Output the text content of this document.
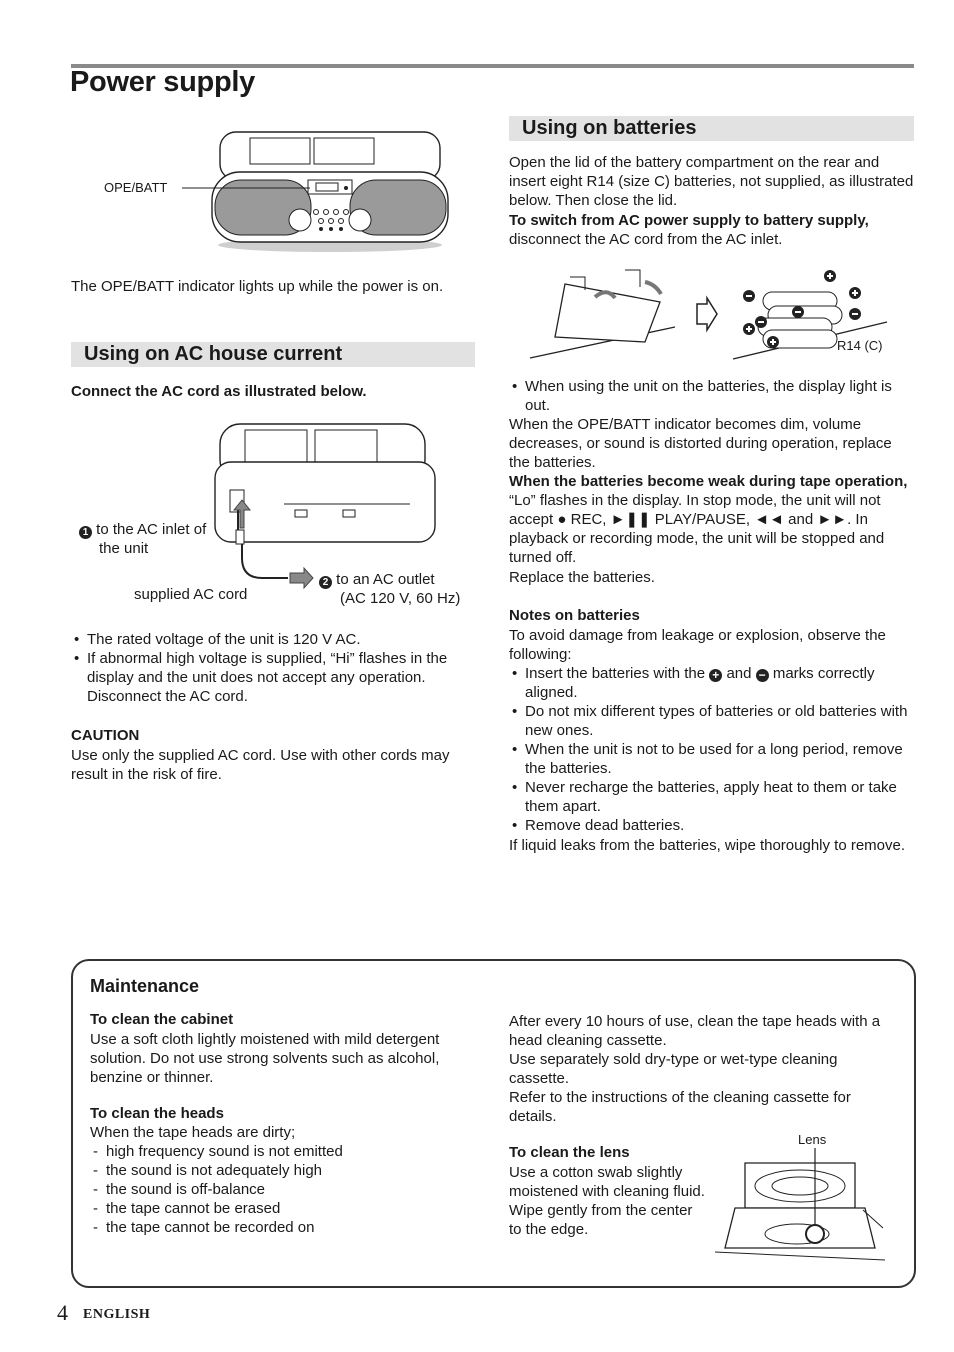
Power supply
OPE/BATT
The OPE/BATT indicator lights up while the power is on.
Using on AC house current
Connect the AC cord as illustrated below.
1 to the AC inlet of
the unit
2 to an AC outlet
(AC 120 V, 60 Hz)
supplied AC cord
• The rated voltage of the unit is 120 V AC.
• If abnormal high voltage is supplied, “Hi” flashes in the display and the unit does not accept any operation. Disconnect the AC cord.
CAUTION
Use only the supplied AC cord. Use with other cords may result in the risk of fire.
Using on batteries
Open the lid of the battery compartment on the rear and insert eight R14 (size C) batteries, not supplied, as illustrated below. Then close the lid.
To switch from AC power supply to battery supply,
disconnect the AC cord from the AC inlet.
R14 (C)
• When using the unit on the batteries, the display light is out.
When the OPE/BATT indicator becomes dim, volume decreases, or sound is distorted during operation, replace the batteries.
When the batteries become weak during tape operation, “Lo” flashes in the display. In stop mode, the unit will not accept ● REC, ►❚❚ PLAY/PAUSE, ◄◄ and ►►. In playback or recording mode, the unit will be stopped and turned off.
Replace the batteries.
Notes on batteries
To avoid damage from leakage or explosion, observe the following:
• Insert the batteries with the + and − marks correctly aligned.
• Do not mix different types of batteries or old batteries with new ones.
• When the unit is not to be used for a long period, remove the batteries.
• Never recharge the batteries, apply heat to them or take them apart.
• Remove dead batteries.
If liquid leaks from the batteries, wipe thoroughly to remove.
Maintenance
To clean the cabinet
Use a soft cloth lightly moistened with mild detergent solution. Do not use strong solvents such as alcohol, benzine or thinner.
To clean the heads
When the tape heads are dirty;
- high frequency sound is not emitted
- the sound is not adequately high
- the sound is off-balance
- the tape cannot be erased
- the tape cannot be recorded on
After every 10 hours of use, clean the tape heads with a head cleaning cassette.
Use separately sold dry-type or wet-type cleaning cassette.
Refer to the instructions of the cleaning cassette for details.
To clean the lens
Use a cotton swab slightly moistened with cleaning fluid. Wipe gently from the center to the edge.
Lens
4 ENGLISH
